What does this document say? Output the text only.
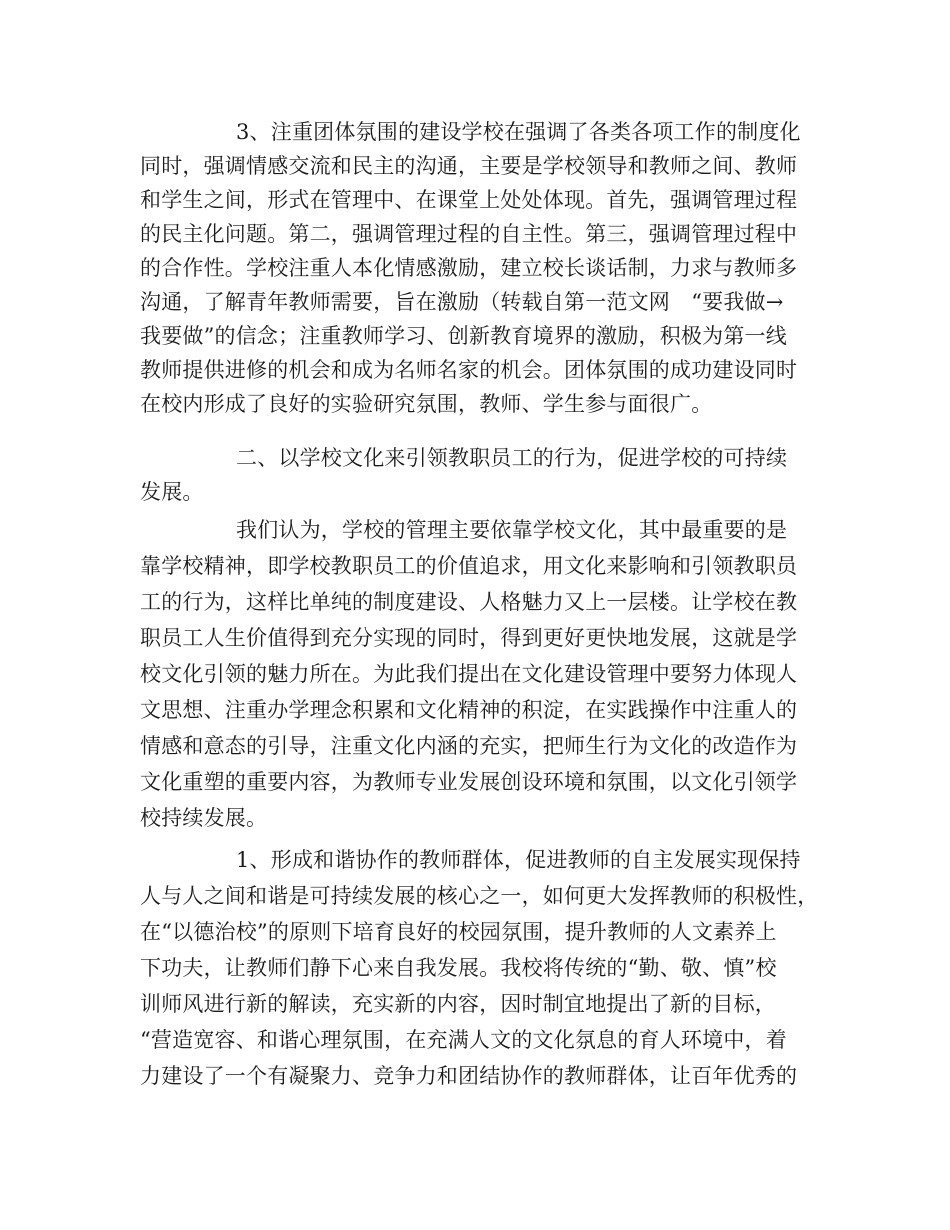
3、注重团体氛围的建设学校在强调了各类各项工作的制度化
同时，强调情感交流和民主的沟通，主要是学校领导和教师之间、教师
和学生之间，形式在管理中、在课堂上处处体现。首先，强调管理过程
的民主化问题。第二，强调管理过程的自主性。第三，强调管理过程中
的合作性。学校注重人本化情感激励，建立校长谈话制，力求与教师多
沟通，了解青年教师需要，旨在激励（转载自第一范文网　“要我做→
我要做”的信念；注重教师学习、创新教育境界的激励，积极为第一线
教师提供进修的机会和成为名师名家的机会。团体氛围的成功建设同时
在校内形成了良好的实验研究氛围，教师、学生参与面很广。
二、以学校文化来引领教职员工的行为，促进学校的可持续
发展。
我们认为，学校的管理主要依靠学校文化，其中最重要的是
靠学校精神，即学校教职员工的价值追求，用文化来影响和引领教职员
工的行为，这样比单纯的制度建设、人格魅力又上一层楼。让学校在教
职员工人生价值得到充分实现的同时，得到更好更快地发展，这就是学
校文化引领的魅力所在。为此我们提出在文化建设管理中要努力体现人
文思想、注重办学理念积累和文化精神的积淀，在实践操作中注重人的
情感和意态的引导，注重文化内涵的充实，把师生行为文化的改造作为
文化重塑的重要内容，为教师专业发展创设环境和氛围，以文化引领学
校持续发展。
1、形成和谐协作的教师群体，促进教师的自主发展实现保持
人与人之间和谐是可持续发展的核心之一，如何更大发挥教师的积极性，
在“以德治校”的原则下培育良好的校园氛围，提升教师的人文素养上
下功夫，让教师们静下心来自我发展。我校将传统的“勤、敬、慎”校
训师风进行新的解读，充实新的内容，因时制宜地提出了新的目标，
“营造宽容、和谐心理氛围，在充满人文的文化氛息的育人环境中，着
力建设了一个有凝聚力、竞争力和团结协作的教师群体，让百年优秀的
